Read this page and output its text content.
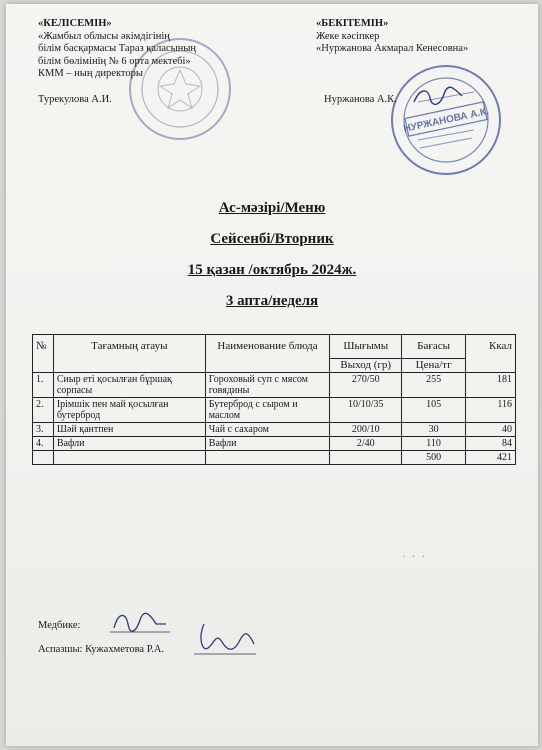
НУРЖАНОВА А.К.
«КЕЛІСЕМІН»
«Жамбыл облысы әкімдігінің
білім басқармасы Тараз қаласының
білім бөлімінің № 6 орта мектебі»
КММ – ның директоры
Турекулова А.И.
«БЕКІТЕМІН»
Жеке кәсіпкер
«Нуржанова Акмарал Кенесовна»
Нуржанова А.К.
Ас-мәзірі/Меню
Сейсенбі/Вторник
15 қазан /октябрь 2024ж.
3 апта/неделя
№	Тағамның атауы	Наименование блюда	Шығымы	Бағасы	Ккал
			Выход (гр)	Цена/тг	
1.	Сиыр еті қосылған бұршақ сорпасы	Гороховый суп с мясом говядины	270/50	255	181
2.	Ірімшік пен май қосылған бутерброд	Бутерброд с сыром и маслом	10/10/35	105	116
3.	Шәй қантпен	Чай с сахаром	200/10	30	40
4.	Вафли	Вафли	2/40	110	84
				500	421
· · ·
Медбике:
Аспазшы: Кужахметова Р.А.
